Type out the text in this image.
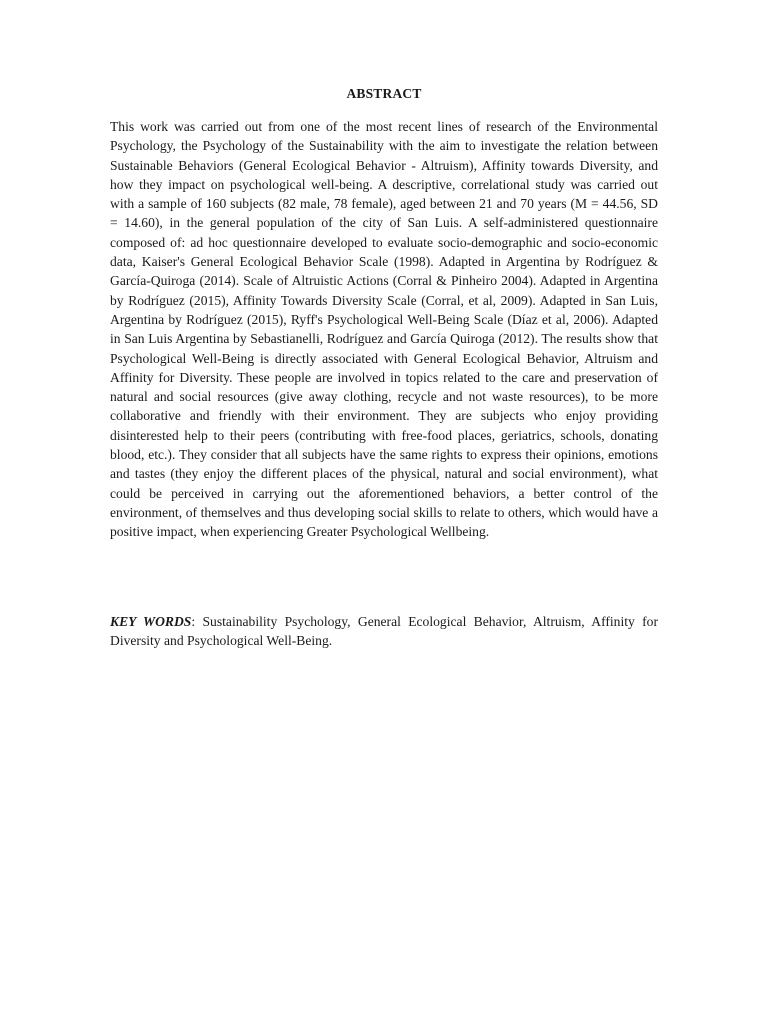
ABSTRACT

This work was carried out from one of the most recent lines of research of the Environmental Psychology, the Psychology of the Sustainability with the aim to investigate the relation between Sustainable Behaviors (General Ecological Behavior - Altruism), Affinity towards Diversity, and how they impact on psychological well-being. A descriptive, correlational study was carried out with a sample of 160 subjects (82 male, 78 female), aged between 21 and 70 years (M = 44.56, SD = 14.60), in the general population of the city of San Luis. A self-administered questionnaire composed of: ad hoc questionnaire developed to evaluate socio-demographic and socio-economic data, Kaiser's General Ecological Behavior Scale (1998). Adapted in Argentina by Rodríguez & García-Quiroga (2014). Scale of Altruistic Actions (Corral & Pinheiro 2004). Adapted in Argentina by Rodríguez (2015), Affinity Towards Diversity Scale (Corral, et al, 2009). Adapted in San Luis, Argentina by Rodríguez (2015), Ryff's Psychological Well-Being Scale (Díaz et al, 2006). Adapted in San Luis Argentina by Sebastianelli, Rodríguez and García Quiroga (2012). The results show that Psychological Well-Being is directly associated with General Ecological Behavior, Altruism and Affinity for Diversity. These people are involved in topics related to the care and preservation of natural and social resources (give away clothing, recycle and not waste resources), to be more collaborative and friendly with their environment. They are subjects who enjoy providing disinterested help to their peers (contributing with free-food places, geriatrics, schools, donating blood, etc.). They consider that all subjects have the same rights to express their opinions, emotions and tastes (they enjoy the different places of the physical, natural and social environment), what could be perceived in carrying out the aforementioned behaviors, a better control of the environment, of themselves and thus developing social skills to relate to others, which would have a positive impact, when experiencing Greater Psychological Wellbeing.

KEY WORDS: Sustainability Psychology, General Ecological Behavior, Altruism, Affinity for Diversity and Psychological Well-Being.
